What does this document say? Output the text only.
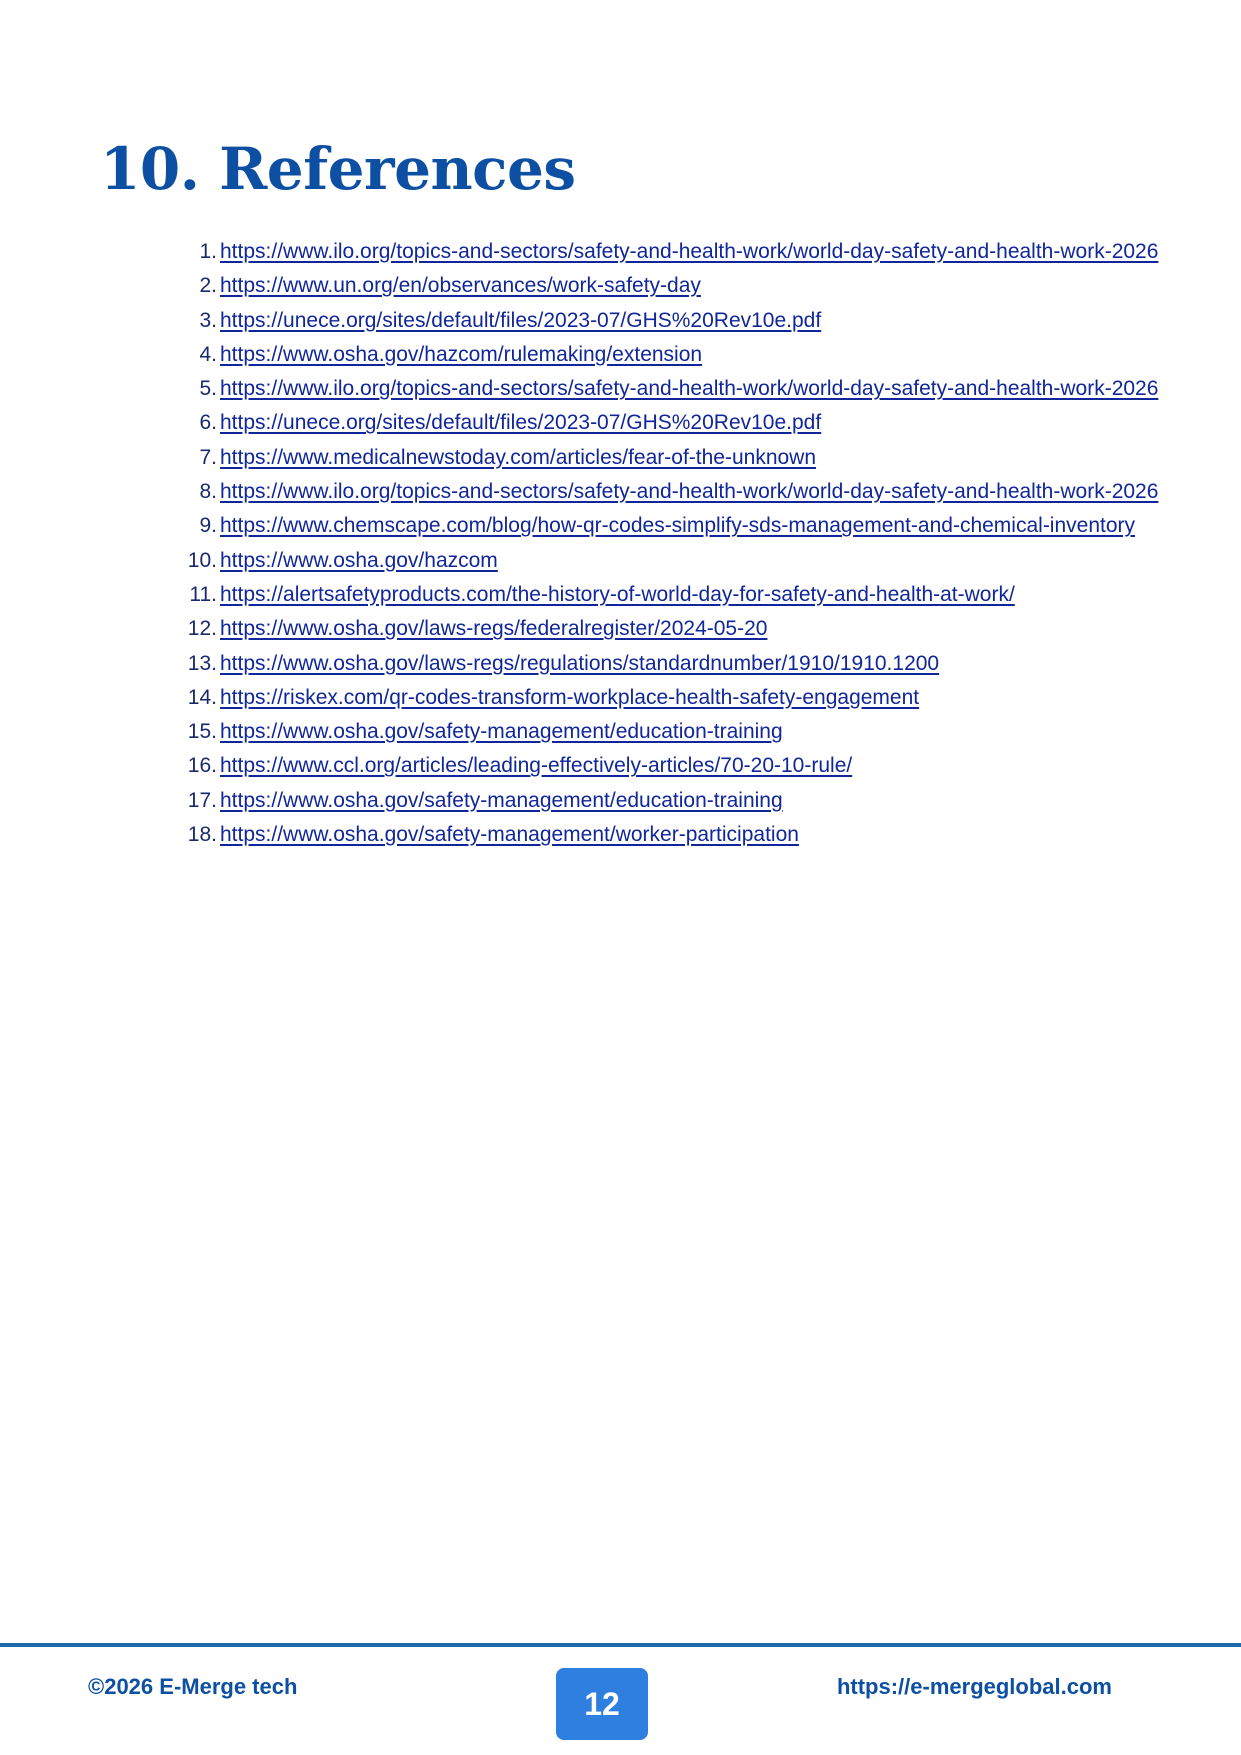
10. References
1. https://www.ilo.org/topics-and-sectors/safety-and-health-work/world-day-safety-and-health-work-2026
2. https://www.un.org/en/observances/work-safety-day
3. https://unece.org/sites/default/files/2023-07/GHS%20Rev10e.pdf
4. https://www.osha.gov/hazcom/rulemaking/extension
5. https://www.ilo.org/topics-and-sectors/safety-and-health-work/world-day-safety-and-health-work-2026
6. https://unece.org/sites/default/files/2023-07/GHS%20Rev10e.pdf
7. https://www.medicalnewstoday.com/articles/fear-of-the-unknown
8. https://www.ilo.org/topics-and-sectors/safety-and-health-work/world-day-safety-and-health-work-2026
9. https://www.chemscape.com/blog/how-qr-codes-simplify-sds-management-and-chemical-inventory
10. https://www.osha.gov/hazcom
11. https://alertsafetyproducts.com/the-history-of-world-day-for-safety-and-health-at-work/
12. https://www.osha.gov/laws-regs/federalregister/2024-05-20
13. https://www.osha.gov/laws-regs/regulations/standardnumber/1910/1910.1200
14. https://riskex.com/qr-codes-transform-workplace-health-safety-engagement
15. https://www.osha.gov/safety-management/education-training
16. https://www.ccl.org/articles/leading-effectively-articles/70-20-10-rule/
17. https://www.osha.gov/safety-management/education-training
18. https://www.osha.gov/safety-management/worker-participation
©2026 E-Merge tech	12	https://e-mergeglobal.com
